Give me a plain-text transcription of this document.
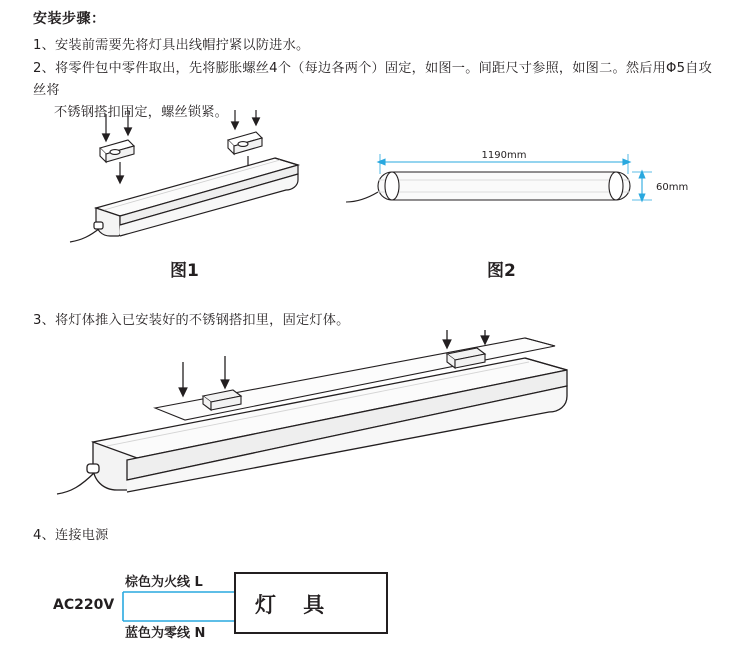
安装步骤：
1、安装前需要先将灯具出线帽拧紧以防进水。
2、将零件包中零件取出，先将膨胀螺丝4个（每边各两个）固定，如图一。间距尺寸参照，如图二。然后用Φ5自攻丝将
不锈钢搭扣固定，螺丝锁紧。
1190mm
60mm
图1	图2
3、将灯体推入已安装好的不锈钢搭扣里，固定灯体。
4、连接电源
AC220V
棕色为火线 L
蓝色为零线 N
灯 具
